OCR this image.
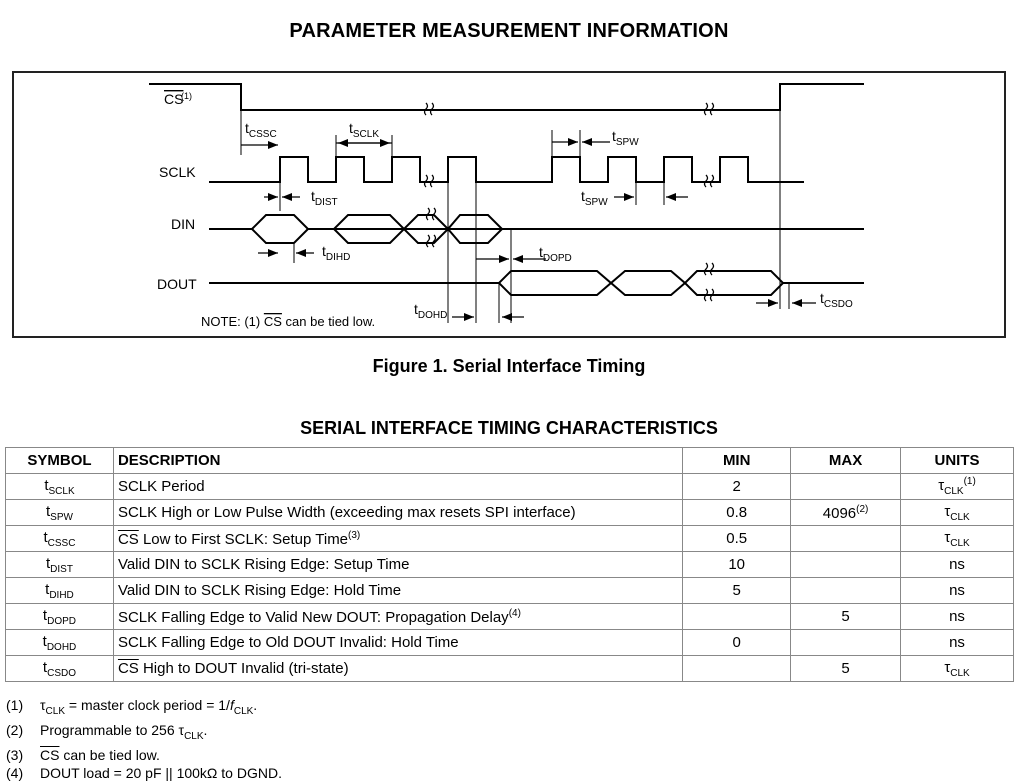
PARAMETER MEASUREMENT INFORMATION
CS
(1)
SCLK
DIN
DOUT
$t_{CSSC}$	$t_{SCLK}$	$t_{SPW}$
$t_{SPW}$
$t_{DIST}$
$t_{DIHD}$	$t_{DOPD}$
$t_{DOHD}$
$t_{CSDO}$
NOTE: (1) CS can be tied low.
Figure 1. Serial Interface Timing
SERIAL INTERFACE TIMING CHARACTERISTICS
SYMBOL	DESCRIPTION	MIN	MAX	UNITS
$t_{SCLK}$	SCLK Period	2		$\tau_{CLK}^{(1)}$
$t_{SPW}$	SCLK High or Low Pulse Width (exceeding max resets SPI interface)	0.8	4096$^{(2)}$	$\tau_{CLK}$
$t_{CSSC}$	$\overline{CS}$ Low to First SCLK: Setup Time$^{(3)}$	0.5		$\tau_{CLK}$
$t_{DIST}$	Valid DIN to SCLK Rising Edge: Setup Time	10		ns
$t_{DIHD}$	Valid DIN to SCLK Rising Edge: Hold Time	5		ns
$t_{DOPD}$	SCLK Falling Edge to Valid New DOUT: Propagation Delay$^{(4)}$		5	ns
$t_{DOHD}$	SCLK Falling Edge to Old DOUT Invalid: Hold Time	0		ns
$t_{CSDO}$	$\overline{CS}$ High to DOUT Invalid (tri-state)		5	$\tau_{CLK}$
(1) $\tau_{CLK}$ = master clock period = $1/f_{CLK}$.
(2) Programmable to 256 $\tau_{CLK}$.
(3) $\overline{CS}$ can be tied low.
(4) DOUT load = 20 pF || 100kΩ to DGND.
